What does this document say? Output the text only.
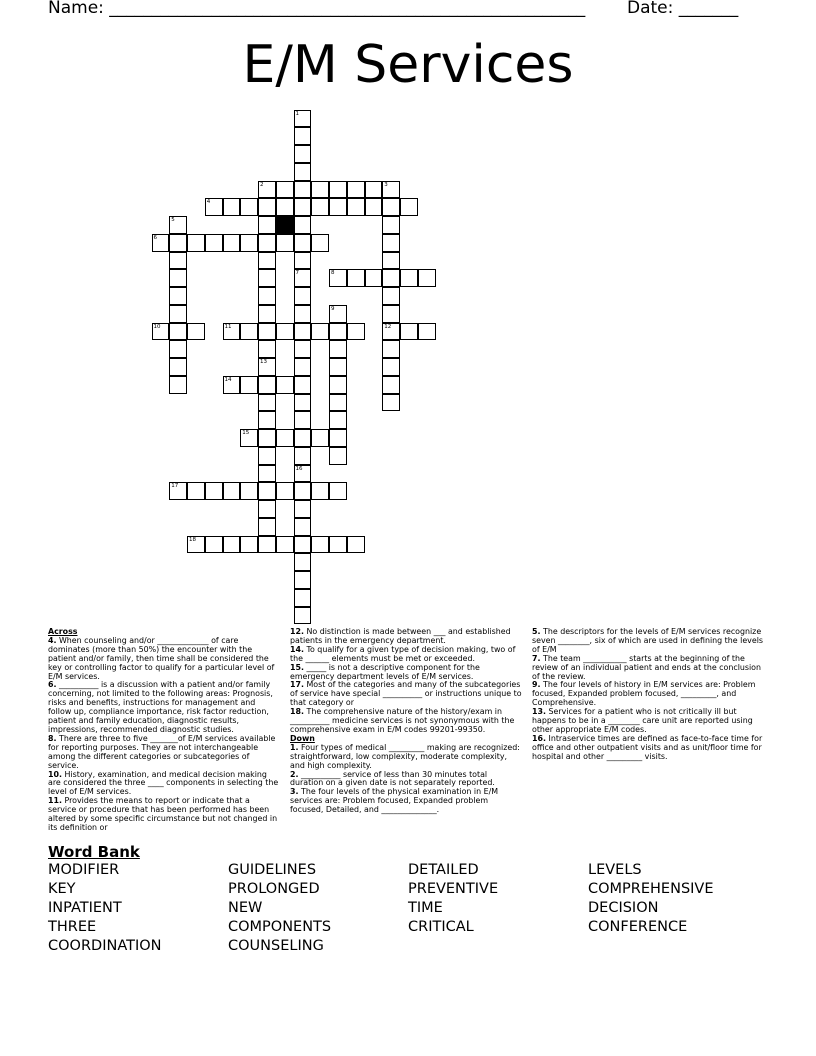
Name: ________________________________________________________ Date: _______
E/M Services
1
7
2	3
13
12
4
5
6
8
9
10	11
14
15
16
17
18

Across

4. When counseling and/or _____________ of care dominates (more than 50%) the encounter with the patient and/or family, then time shall be considered the key or controlling factor to qualify for a particular level of E/M services.

6. __________ is a discussion with a patient and/or family concerning, not limited to the following areas: Prognosis, risks and benefits, instructions for management and follow up, compliance importance, risk factor reduction, patient and family education, diagnostic results, impressions, recommended diagnostic studies.

8. There are three to five _______of E/M services available for reporting purposes. They are not interchangeable among the different categories or subcategories of service.

10. History, examination, and medical decision making are considered the three ____ components in selecting the level of E/M services.

11. Provides the means to report or indicate that a service or procedure that has been performed has been altered by some specific circumstance but not changed in its definition or

12. No distinction is made between ___ and established patients in the emergency department.

14. To qualify for a given type of decision making, two of the ______ elements must be met or exceeded.

15. _____ is not a descriptive component for the emergency department levels of E/M services.

17. Most of the categories and many of the subcategories of service have special __________ or instructions unique to that category or

18. The comprehensive nature of the history/exam in __________ medicine services is not synonymous with the comprehensive exam in E/M codes 99201-99350.

Down

1. Four types of medical _________ making are recognized: straightforward, low complexity, moderate complexity, and high complexity.

2. __________ service of less than 30 minutes total duration on a given date is not separately reported.

3. The four levels of the physical examination in E/M services are: Problem focused, Expanded problem focused, Detailed, and ______________.

5. The descriptors for the levels of E/M services recognize seven ________, six of which are used in defining the levels of E/M

7. The team ___________ starts at the beginning of the review of an individual patient and ends at the conclusion of the review.

9. The four levels of history in E/M services are: Problem focused, Expanded problem focused, _________, and Comprehensive.

13. Services for a patient who is not critically ill but happens to be in a ________ care unit are reported using other appropriate E/M codes.

16. Intraservice times are defined as face-to-face time for office and other outpatient visits and as unit/floor time for hospital and other _________ visits.

Word Bank
MODIFIER	GUIDELINES	DETAILED	LEVELS
KEY	PROLONGED	PREVENTIVE	COMPREHENSIVE
INPATIENT	NEW	TIME	DECISION
THREE	COMPONENTS	CRITICAL	CONFERENCE
COORDINATION	COUNSELING
